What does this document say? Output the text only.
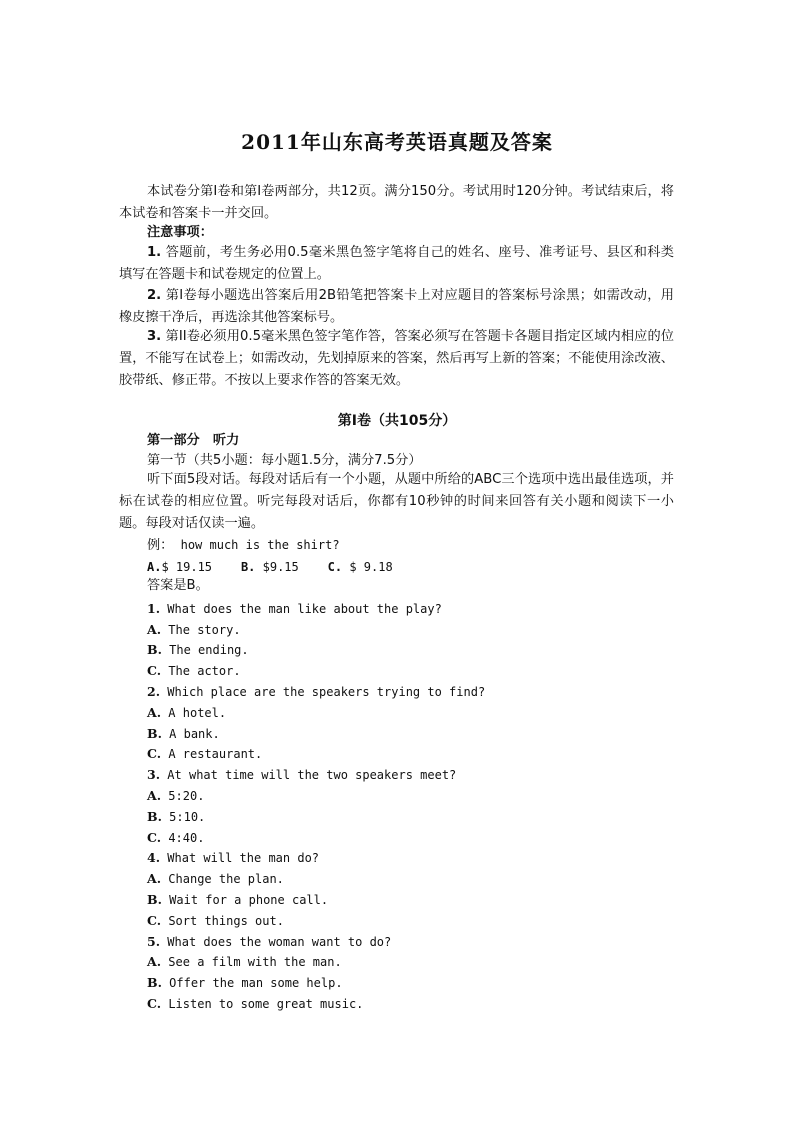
2011年山东高考英语真题及答案
本试卷分第I卷和第I卷两部分，共12页。满分150分。考试用时120分钟。考试结束后，将本试卷和答案卡一并交回。
注意事项：
1. 答题前，考生务必用0.5毫米黑色签字笔将自己的姓名、座号、准考证号、县区和科类填写在答题卡和试卷规定的位置上。
2. 第I卷每小题选出答案后用2B铅笔把答案卡上对应题目的答案标号涂黑；如需改动，用橡皮擦干净后，再选涂其他答案标号。
3. 第II卷必须用0.5毫米黑色签字笔作答，答案必须写在答题卡各题目指定区域内相应的位置，不能写在试卷上；如需改动，先划掉原来的答案，然后再写上新的答案；不能使用涂改液、胶带纸、修正带。不按以上要求作答的答案无效。
第I卷（共105分）
第一部分　听力
第一节（共5小题：每小题1.5分，满分7.5分）
听下面5段对话。每段对话后有一个小题，从题中所给的ABC三个选项中选出最佳选项，并标在试卷的相应位置。听完每段对话后，你都有10秒钟的时间来回答有关小题和阅读下一小题。每段对话仅读一遍。
例： how much is the shirt?
A.$ 19.15 B. $9.15 C. $ 9.18
答案是B。
1. What does the man like about the play?
A. The story.
B. The ending.
C. The actor.
2. Which place are the speakers trying to find?
A. A hotel.
B. A bank.
C. A restaurant.
3. At what time will the two speakers meet?
A. 5:20.
B. 5:10.
C. 4:40.
4. What will the man do?
A. Change the plan.
B. Wait for a phone call.
C. Sort things out.
5. What does the woman want to do?
A. See a film with the man.
B. Offer the man some help.
C. Listen to some great music.
